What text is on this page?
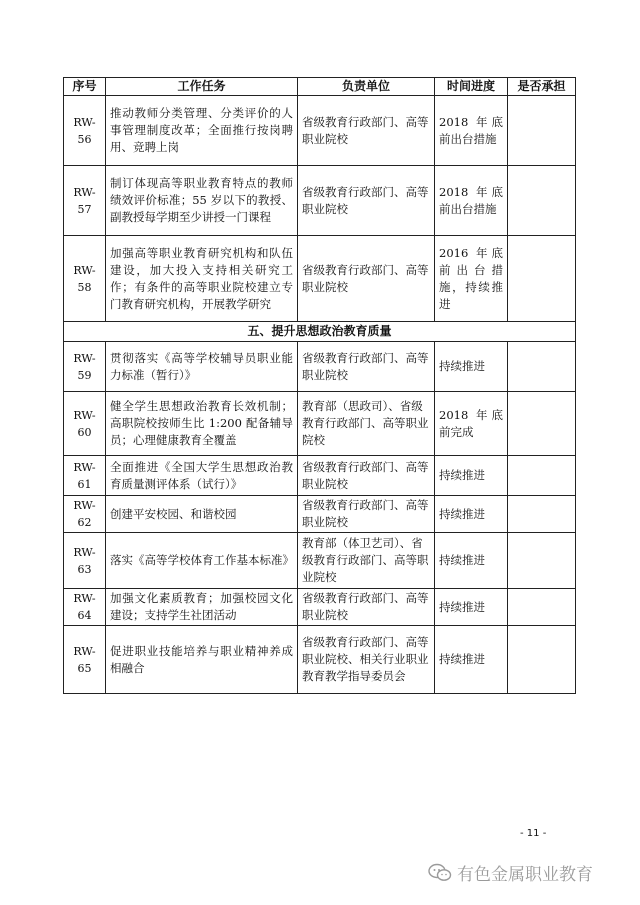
序号	工作任务	负责单位	时间进度	是否承担
RW-56	推动教师分类管理、分类评价的人事管理制度改革；全面推行按岗聘用、竞聘上岗	省级教育行政部门、高等职业院校	2018 年底前出台措施	
RW-57	制订体现高等职业教育特点的教师绩效评价标准；55 岁以下的教授、副教授每学期至少讲授一门课程	省级教育行政部门、高等职业院校	2018 年底前出台措施	
RW-58	加强高等职业教育研究机构和队伍建设，加大投入支持相关研究工作；有条件的高等职业院校建立专门教育研究机构，开展教学研究	省级教育行政部门、高等职业院校	2016 年底前出台措施，持续推进	
五、提升思想政治教育质量				
RW-59	贯彻落实《高等学校辅导员职业能力标准（暂行）》	省级教育行政部门、高等职业院校	持续推进	
RW-60	健全学生思想政治教育长效机制；高职院校按师生比 1:200 配备辅导员；心理健康教育全覆盖	教育部（思政司）、省级教育行政部门、高等职业院校	2018 年底前完成	
RW-61	全面推进《全国大学生思想政治教育质量测评体系（试行）》	省级教育行政部门、高等职业院校	持续推进	
RW-62	创建平安校园、和谐校园	省级教育行政部门、高等职业院校	持续推进	
RW-63	落实《高等学校体育工作基本标准》	教育部（体卫艺司）、省级教育行政部门、高等职业院校	持续推进	
RW-64	加强文化素质教育；加强校园文化建设；支持学生社团活动	省级教育行政部门、高等职业院校	持续推进	
RW-65	促进职业技能培养与职业精神养成相融合	省级教育行政部门、高等职业院校、相关行业职业教育教学指导委员会	持续推进	
- 11 -
有色金属职业教育
